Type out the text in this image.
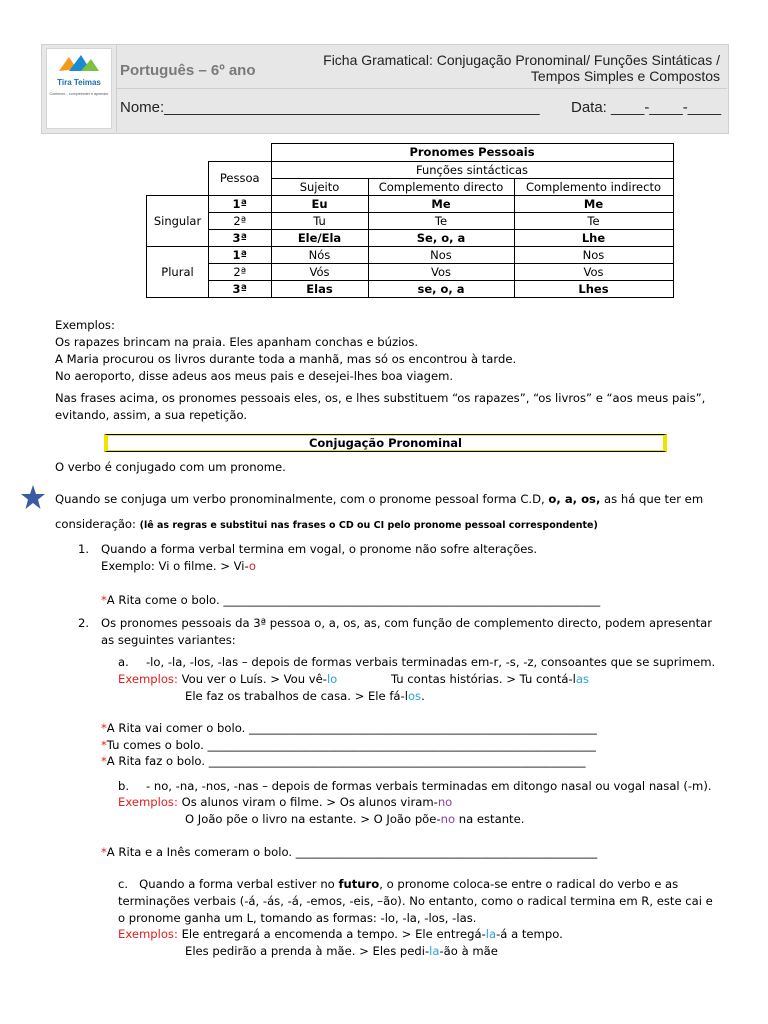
Tira Teimas
Conhecer... compreender e aprender
Português – 6º ano
Ficha Gramatical: Conjugação Pronominal/ Funções Sintáticas /
Tempos Simples e Compostos
Nome:_____________________________________________ Data: ____-____-____
		Pronomes Pessoais		
	Pessoa	Funções sintácticas		
		Sujeito	Complemento directo	Complemento indirecto
Singular	1ª	Eu	Me	Me
	2ª	Tu	Te	Te
	3ª	Ele/Ela	Se, o, a	Lhe
Plural	1ª	Nós	Nos	Nos
	2ª	Vós	Vos	Vos
	3ª	Elas	se, o, a	Lhes
Exemplos:
Os rapazes brincam na praia. Eles apanham conchas e búzios.
A Maria procurou os livros durante toda a manhã, mas só os encontrou à tarde.
No aeroporto, disse adeus aos meus pais e desejei-lhes boa viagem.
Nas frases acima, os pronomes pessoais eles, os, e lhes substituem “os rapazes”, “os livros” e “aos meus pais”,
evitando, assim, a sua repetição.
Conjugação Pronominal
O verbo é conjugado com um pronome.
Quando se conjuga um verbo pronominalmente, com o pronome pessoal forma C.D, o, a, os, as há que ter em
consideração: (lê as regras e substitui nas frases o CD ou CI pelo pronome pessoal correspondente)
1. Quando a forma verbal termina em vogal, o pronome não sofre alterações.
Exemplo: Vi o filme. > Vi-o
*A Rita come o bolo. _________________________________________________________________
2. Os pronomes pessoais da 3ª pessoa o, a, os, as, com função de complemento directo, podem apresentar
as seguintes variantes:
a. -lo, -la, -los, -las – depois de formas verbais terminadas em-r, -s, -z, consoantes que se suprimem.
Exemplos: Vou ver o Luís. > Vou vê-lo	Tu contas histórias. > Tu contá-las
Ele faz os trabalhos de casa. > Ele fá-los.
*A Rita vai comer o bolo. ____________________________________________________________
*Tu comes o bolo. ___________________________________________________________________
*A Rita faz o bolo. _________________________________________________________________
b. - no, -na, -nos, -nas – depois de formas verbais terminadas em ditongo nasal ou vogal nasal (-m).
Exemplos: Os alunos viram o filme. > Os alunos viram-no
O João põe o livro na estante. > O João põe-no na estante.
*A Rita e a Inês comeram o bolo. ____________________________________________________
c. Quando a forma verbal estiver no futuro, o pronome coloca-se entre o radical do verbo e as
terminações verbais (-á, -ás, -á, -emos, -eis, –ão). No entanto, como o radical termina em R, este cai e
o pronome ganha um L, tomando as formas: -lo, -la, -los, -las.
Exemplos: Ele entregará a encomenda a tempo. > Ele entregá-la-á a tempo.
Eles pedirão a prenda à mãe. > Eles pedi-la-ão à mãe
